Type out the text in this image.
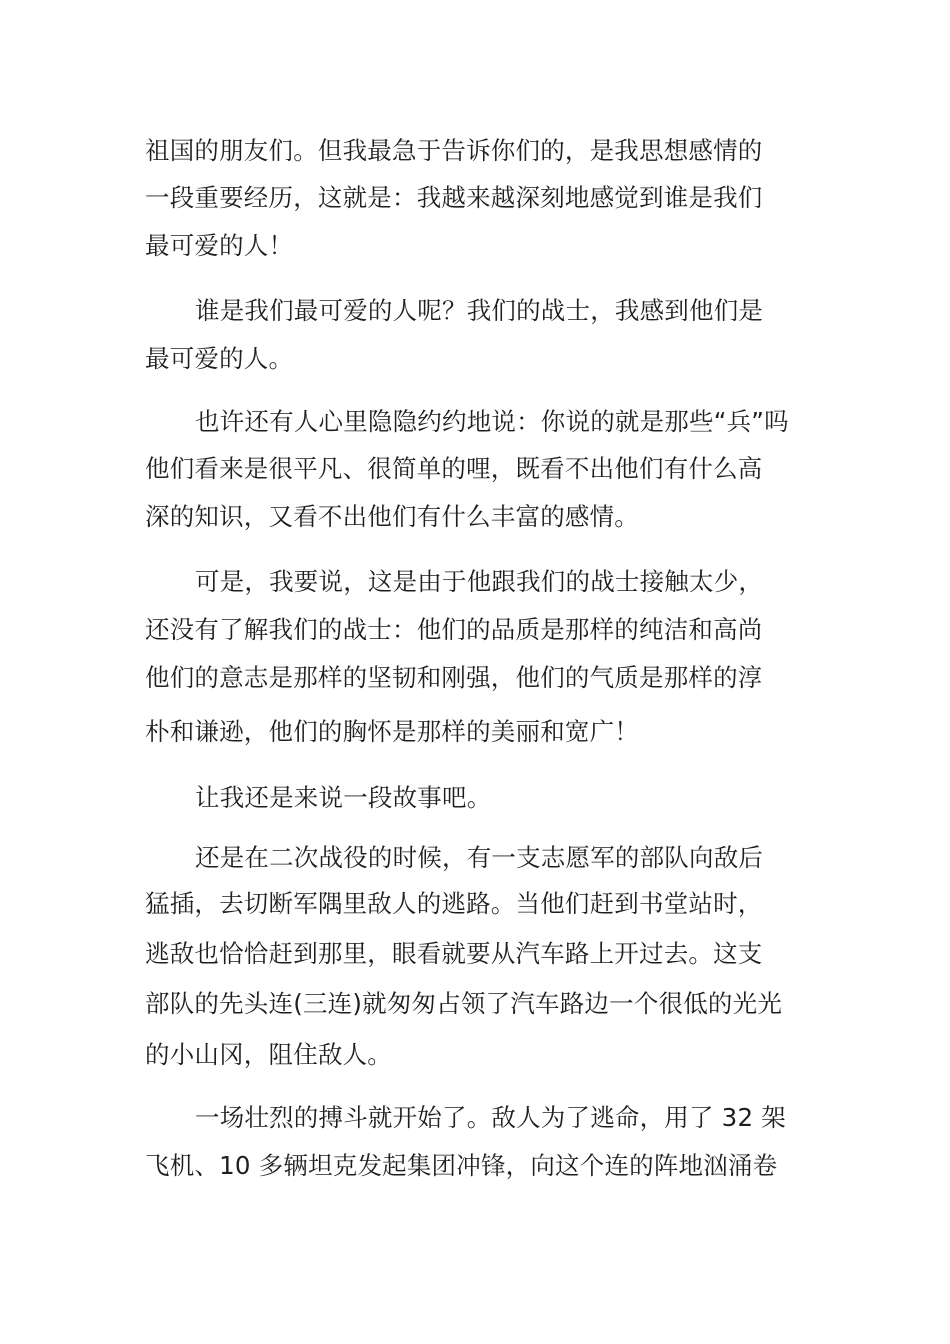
祖国的朋友们。但我最急于告诉你们的，是我思想感情的
一段重要经历，这就是：我越来越深刻地感觉到谁是我们
最可爱的人！
谁是我们最可爱的人呢？我们的战士，我感到他们是
最可爱的人。
也许还有人心里隐隐约约地说：你说的就是那些“兵”吗
他们看来是很平凡、很简单的哩，既看不出他们有什么高
深的知识，又看不出他们有什么丰富的感情。
可是，我要说，这是由于他跟我们的战士接触太少，
还没有了解我们的战士：他们的品质是那样的纯洁和高尚
他们的意志是那样的坚韧和刚强，他们的气质是那样的淳
朴和谦逊，他们的胸怀是那样的美丽和宽广！
让我还是来说一段故事吧。
还是在二次战役的时候，有一支志愿军的部队向敌后
猛插，去切断军隅里敌人的逃路。当他们赶到书堂站时，
逃敌也恰恰赶到那里，眼看就要从汽车路上开过去。这支
部队的先头连(三连)就匆匆占领了汽车路边一个很低的光光
的小山冈，阻住敌人。
一场壮烈的搏斗就开始了。敌人为了逃命，用了 32 架
飞机、10 多辆坦克发起集团冲锋，向这个连的阵地汹涌卷
